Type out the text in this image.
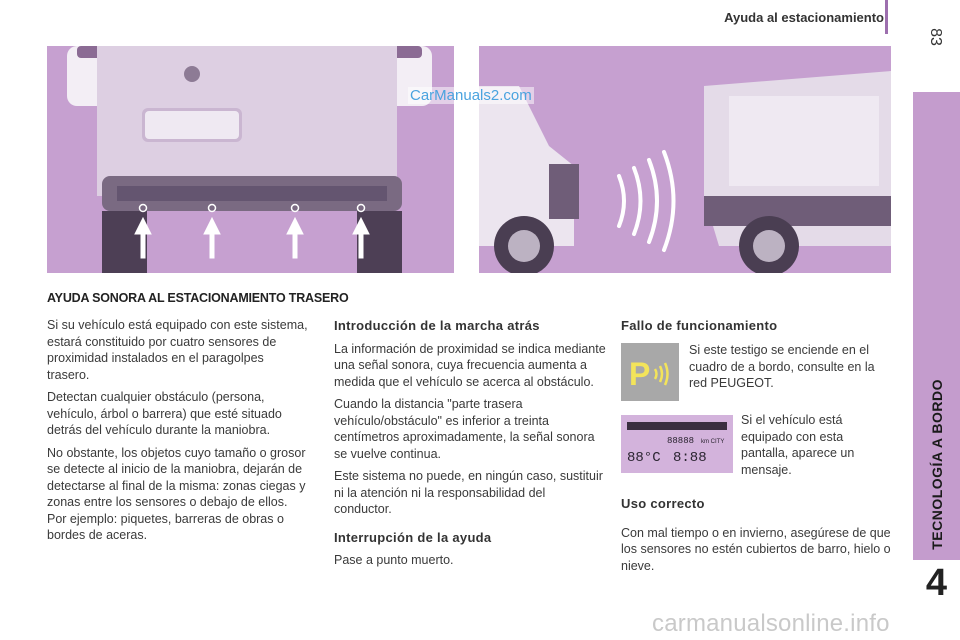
Ayuda al estacionamiento
83
TECNOLOGÍA A BORDO
4
CarManuals2.com
AYUDA SONORA AL ESTACIONAMIENTO TRASERO

Si su vehículo está equipado con este sistema, estará constituido por cuatro sensores de proximidad instalados en el paragolpes trasero.

Detectan cualquier obstáculo (persona, vehículo, árbol o barrera) que esté situado detrás del vehículo durante la maniobra.

No obstante, los objetos cuyo tamaño o grosor se detecte al inicio de la maniobra, dejarán de detectarse al final de la misma: zonas ciegas y zonas entre los sensores o debajo de ellos. Por ejemplo: piquetes, barreras de obras o bordes de aceras.

Introducción de la marcha atrás

La información de proximidad se indica mediante una señal sonora, cuya frecuencia aumenta a medida que el vehículo se acerca al obstáculo.

Cuando la distancia "parte trasera vehículo/obstáculo" es inferior a treinta centímetros aproximadamente, la señal sonora se vuelve continua.

Este sistema no puede, en ningún caso, sustituir ni la atención ni la responsabilidad del conductor.

Interrupción de la ayuda

Pase a punto muerto.

Fallo de funcionamiento

P
Si este testigo se enciende en el cuadro de a bordo, consulte en la red PEUGEOT.
88888 km CITY
88°C 8:88
Si el vehículo está equipado con esta pantalla, aparece un mensaje.

Uso correcto

Con mal tiempo o en invierno, asegúrese de que los sensores no estén cubiertos de barro, hielo o nieve.

carmanualsonline.info
